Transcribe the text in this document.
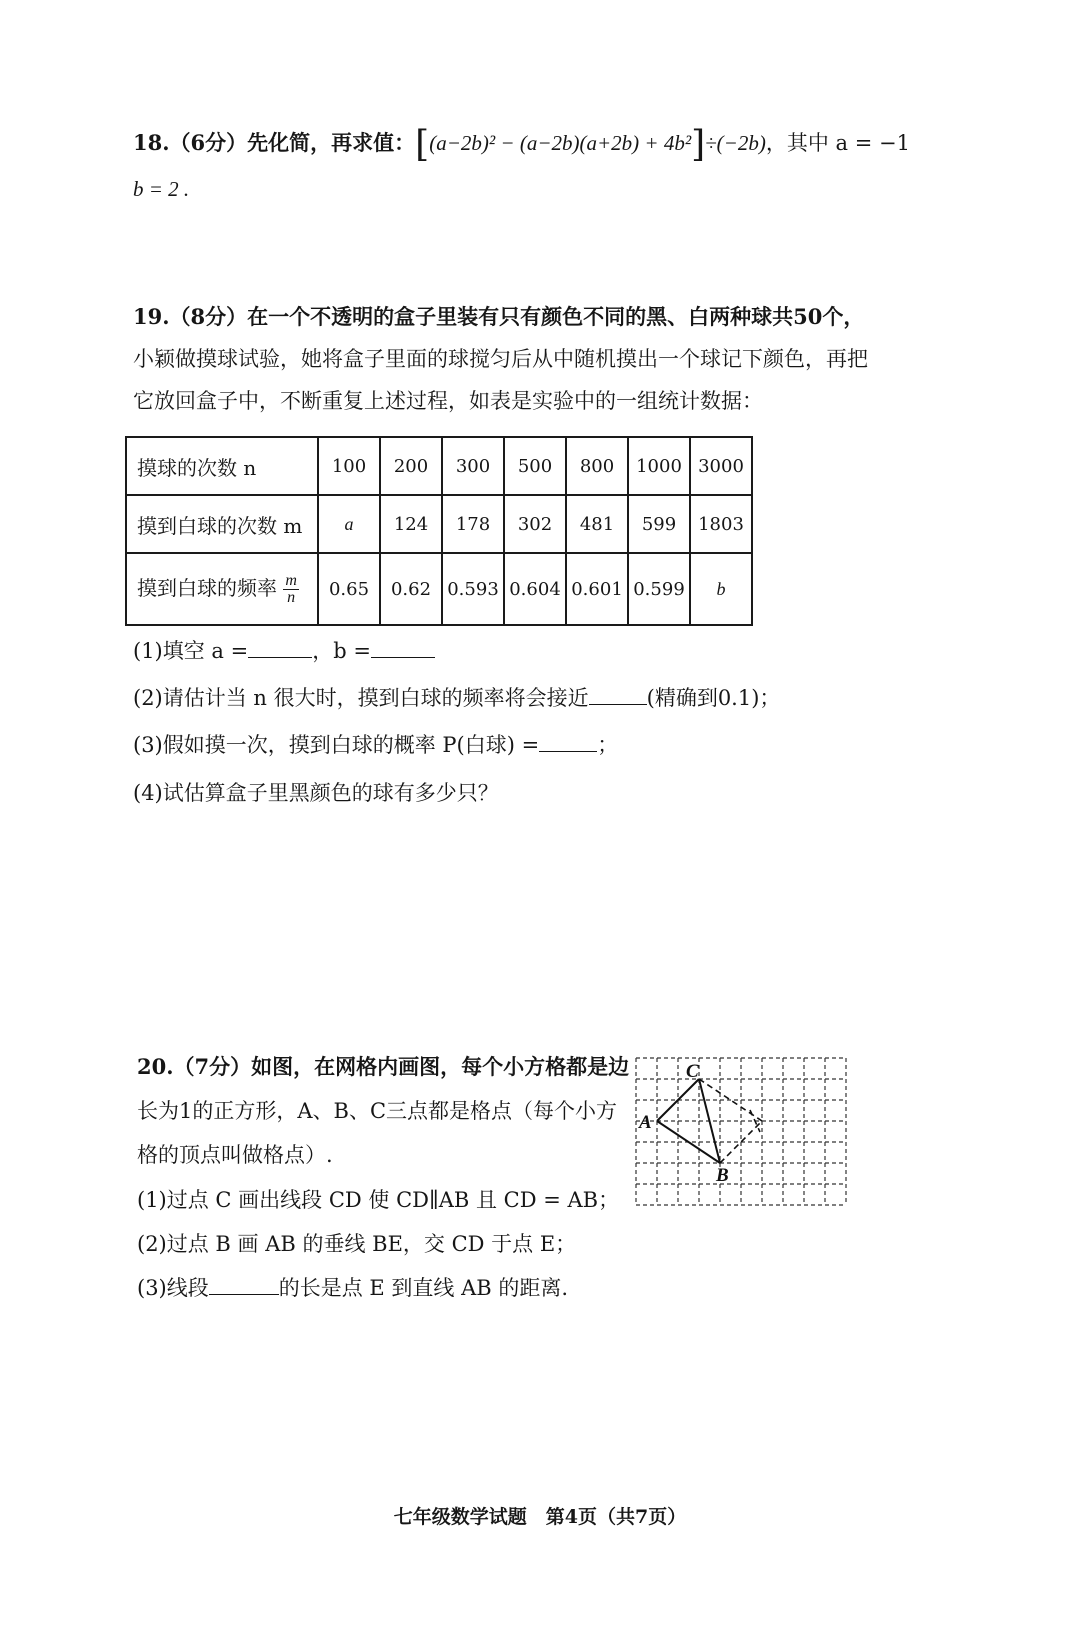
18.（6分）先化简，再求值：[(a−2b)² − (a−2b)(a+2b) + 4b²]÷(−2b)，其中 a = −1
b = 2 .
19.（8分）在一个不透明的盒子里装有只有颜色不同的黑、白两种球共50个，
小颖做摸球试验，她将盒子里面的球搅匀后从中随机摸出一个球记下颜色，再把
它放回盒子中，不断重复上述过程，如表是实验中的一组统计数据：
摸球的次数 n	100	200	300	500	800	1000	3000
摸到白球的次数 m	a	124	178	302	481	599	1803
摸到白球的频率 $\frac{m}{n}$	0.65	0.62	0.593	0.604	0.601	0.599	b
(1)填空 a =	，b =
(2)请估计当 n 很大时，摸到白球的频率将会接近	(精确到0.1)；
(3)假如摸一次，摸到白球的概率 P(白球) =	；
(4)试估算盒子里黑颜色的球有多少只？
20.（7分）如图，在网格内画图，每个小方格都是边
长为1的正方形，A、B、C三点都是格点（每个小方
格的顶点叫做格点）.
(1)过点 C 画出线段 CD 使 CD∥AB 且 CD = AB；
(2)过点 B 画 AB 的垂线 BE，交 CD 于点 E；
(3)线段	的长是点 E 到直线 AB 的距离.
C
A
B
七年级数学试题　第4页（共7页）
